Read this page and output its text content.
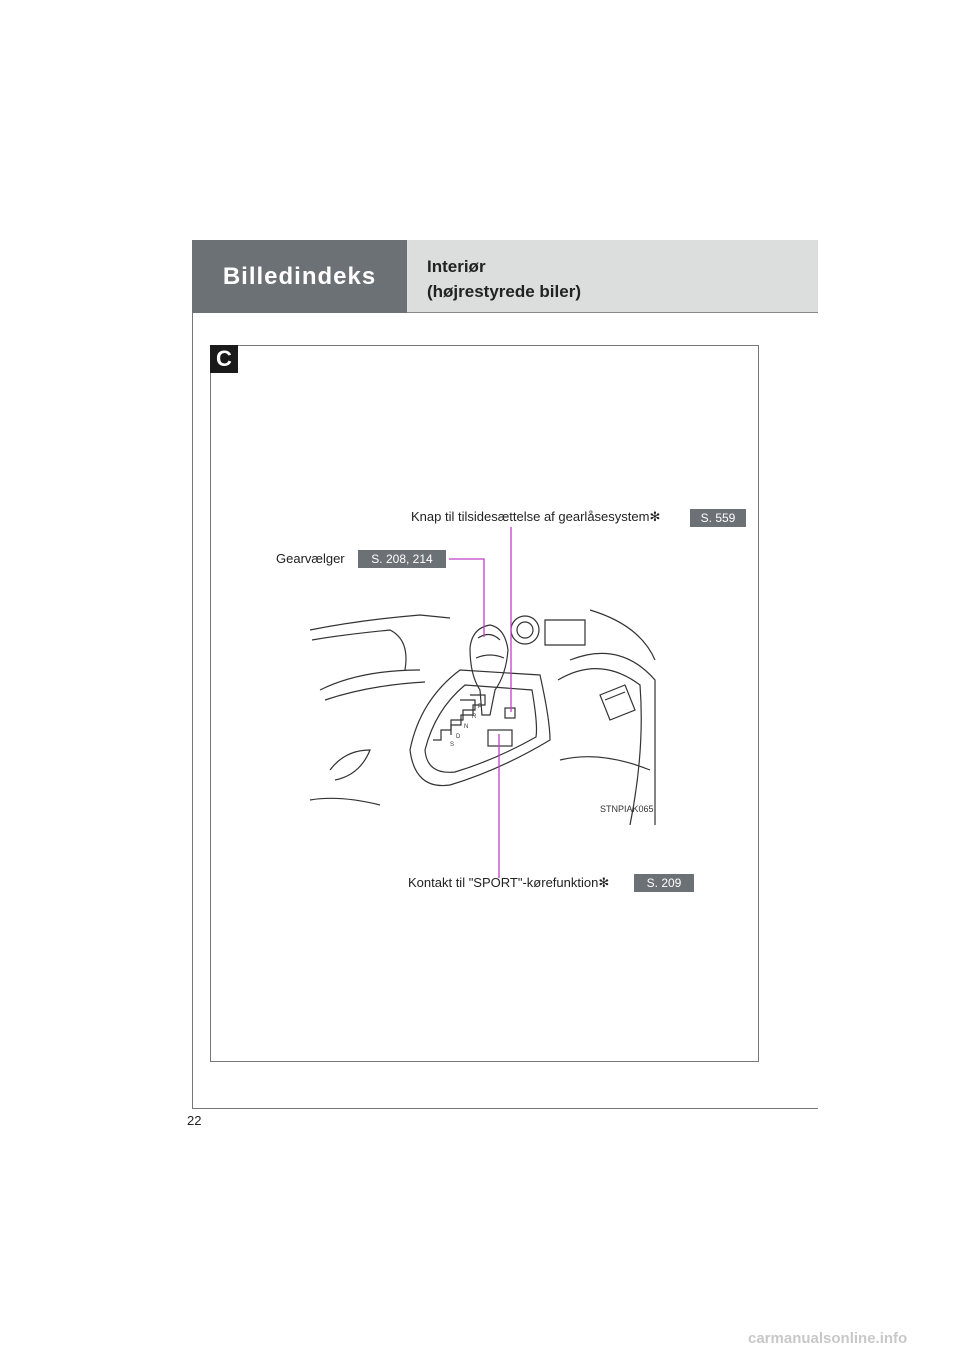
Billedindeks	Interiør
(højrestyrede biler)
C
Knap til tilsidesættelse af gearlåsesystem✻	S. 559
Gearvælger	S. 208, 214
Kontakt til "SPORT"-kørefunktion✻	S. 209
P
R
N
D
S
STNPIAK065
22
carmanualsonline.info
